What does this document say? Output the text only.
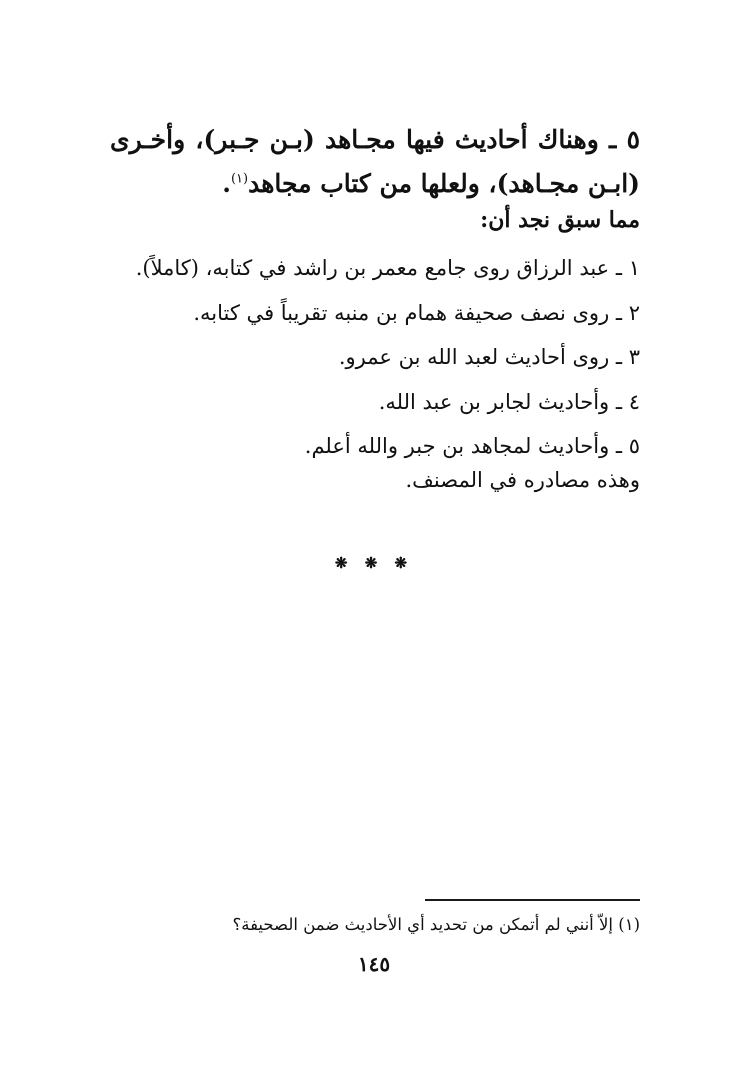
٥ ـ وهناك أحاديث فيها مجـاهد (بـن جـبر)، وأخـرى (ابـن مجـاهد)، ولعلها من كتاب مجاهد$^{(١)}$.

مما سبق نجد أن:
١ ـ عبد الرزاق روى جامع معمر بن راشد في كتابه، (كاملاً).
٢ ـ روى نصف صحيفة همام بن منبه تقريباً في كتابه.
٣ ـ روى أحاديث لعبد الله بن عمرو.
٤ ـ وأحاديث لجابر بن عبد الله.
٥ ـ وأحاديث لمجاهد بن جبر والله أعلم.
وهذه مصادره في المصنف.
❋ ❋ ❋
(١) إلاّ أنني لم أتمكن من تحديد أي الأحاديث ضمن الصحيفة؟
١٤٥
